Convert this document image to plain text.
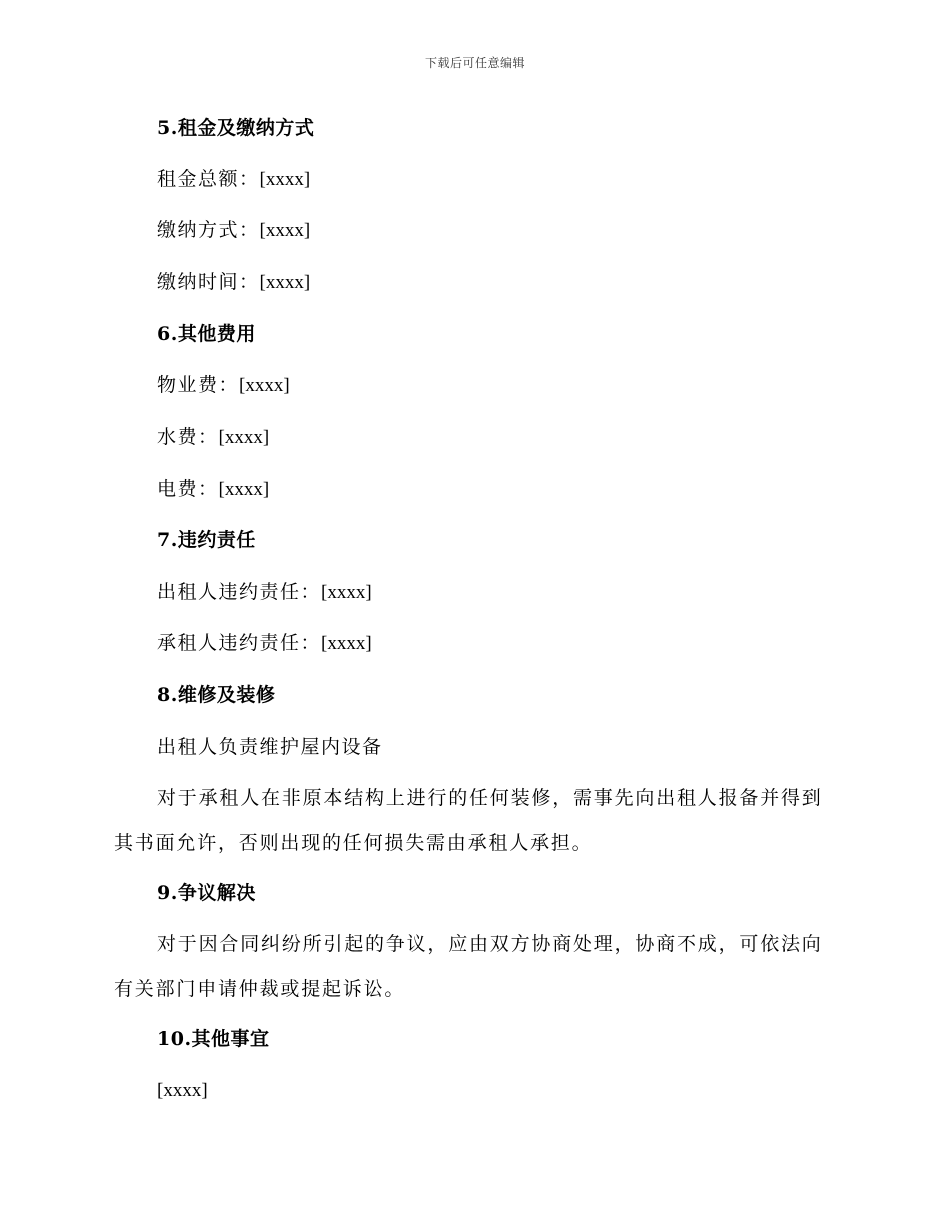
下载后可任意编辑
5.租金及缴纳方式
租金总额：[xxxx]
缴纳方式：[xxxx]
缴纳时间：[xxxx]
6.其他费用
物业费：[xxxx]
水费：[xxxx]
电费：[xxxx]
7.违约责任
出租人违约责任：[xxxx]
承租人违约责任：[xxxx]
8.维修及装修
出租人负责维护屋内设备
对于承租人在非原本结构上进行的任何装修，需事先向出租人报备并得到其书面允许，否则出现的任何损失需由承租人承担。
9.争议解决
对于因合同纠纷所引起的争议，应由双方协商处理，协商不成，可依法向有关部门申请仲裁或提起诉讼。
10.其他事宜
[xxxx]
